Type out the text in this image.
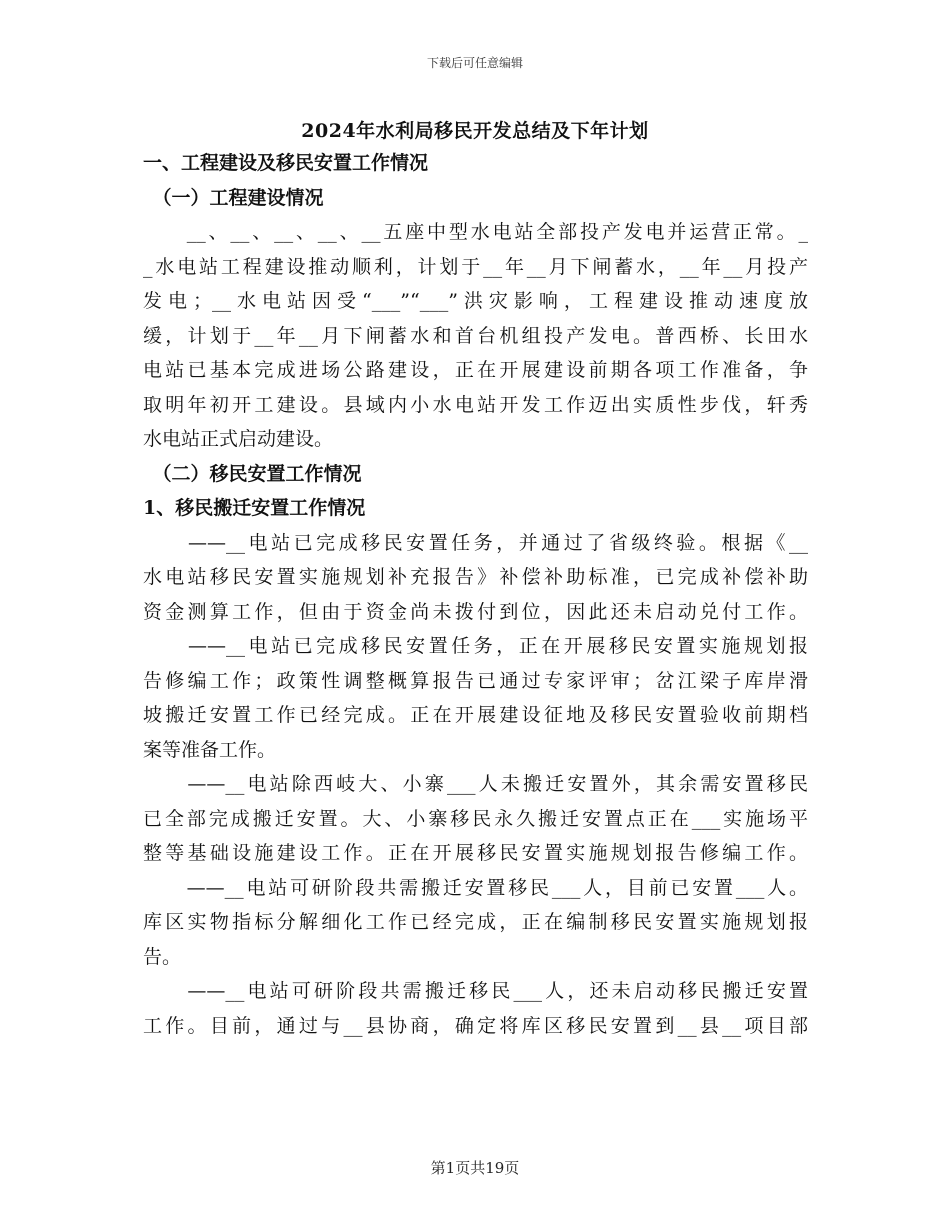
下载后可任意编辑
2024年水利局移民开发总结及下年计划
一、工程建设及移民安置工作情况
　（一）工程建设情况
　　__、__、__、__、__五座中型水电站全部投产发电并运营正常。_
_水电站工程建设推动顺利，计划于__年__月下闸蓄水，__年__月投产
发电；__水电站因受“___”“___”洪灾影响，工程建设推动速度放
缓，计划于__年__月下闸蓄水和首台机组投产发电。普西桥、长田水
电站已基本完成进场公路建设，正在开展建设前期各项工作准备，争
取明年初开工建设。县域内小水电站开发工作迈出实质性步伐，轩秀
水电站正式启动建设。
　（二）移民安置工作情况
1、移民搬迁安置工作情况
　　——__电站已完成移民安置任务，并通过了省级终验。根据《__
水电站移民安置实施规划补充报告》补偿补助标准，已完成补偿补助
资金测算工作，但由于资金尚未拨付到位，因此还未启动兑付工作。
　　——__电站已完成移民安置任务，正在开展移民安置实施规划报
告修编工作；政策性调整概算报告已通过专家评审；岔江梁子库岸滑
坡搬迁安置工作已经完成。正在开展建设征地及移民安置验收前期档
案等准备工作。
　　——__电站除西岐大、小寨___人未搬迁安置外，其余需安置移民
已全部完成搬迁安置。大、小寨移民永久搬迁安置点正在___实施场平
整等基础设施建设工作。正在开展移民安置实施规划报告修编工作。
　　——__电站可研阶段共需搬迁安置移民___人，目前已安置___人。
库区实物指标分解细化工作已经完成，正在编制移民安置实施规划报
告。
　　——__电站可研阶段共需搬迁移民___人，还未启动移民搬迁安置
工作。目前，通过与__县协商，确定将库区移民安置到__县__项目部
第1页共19页
